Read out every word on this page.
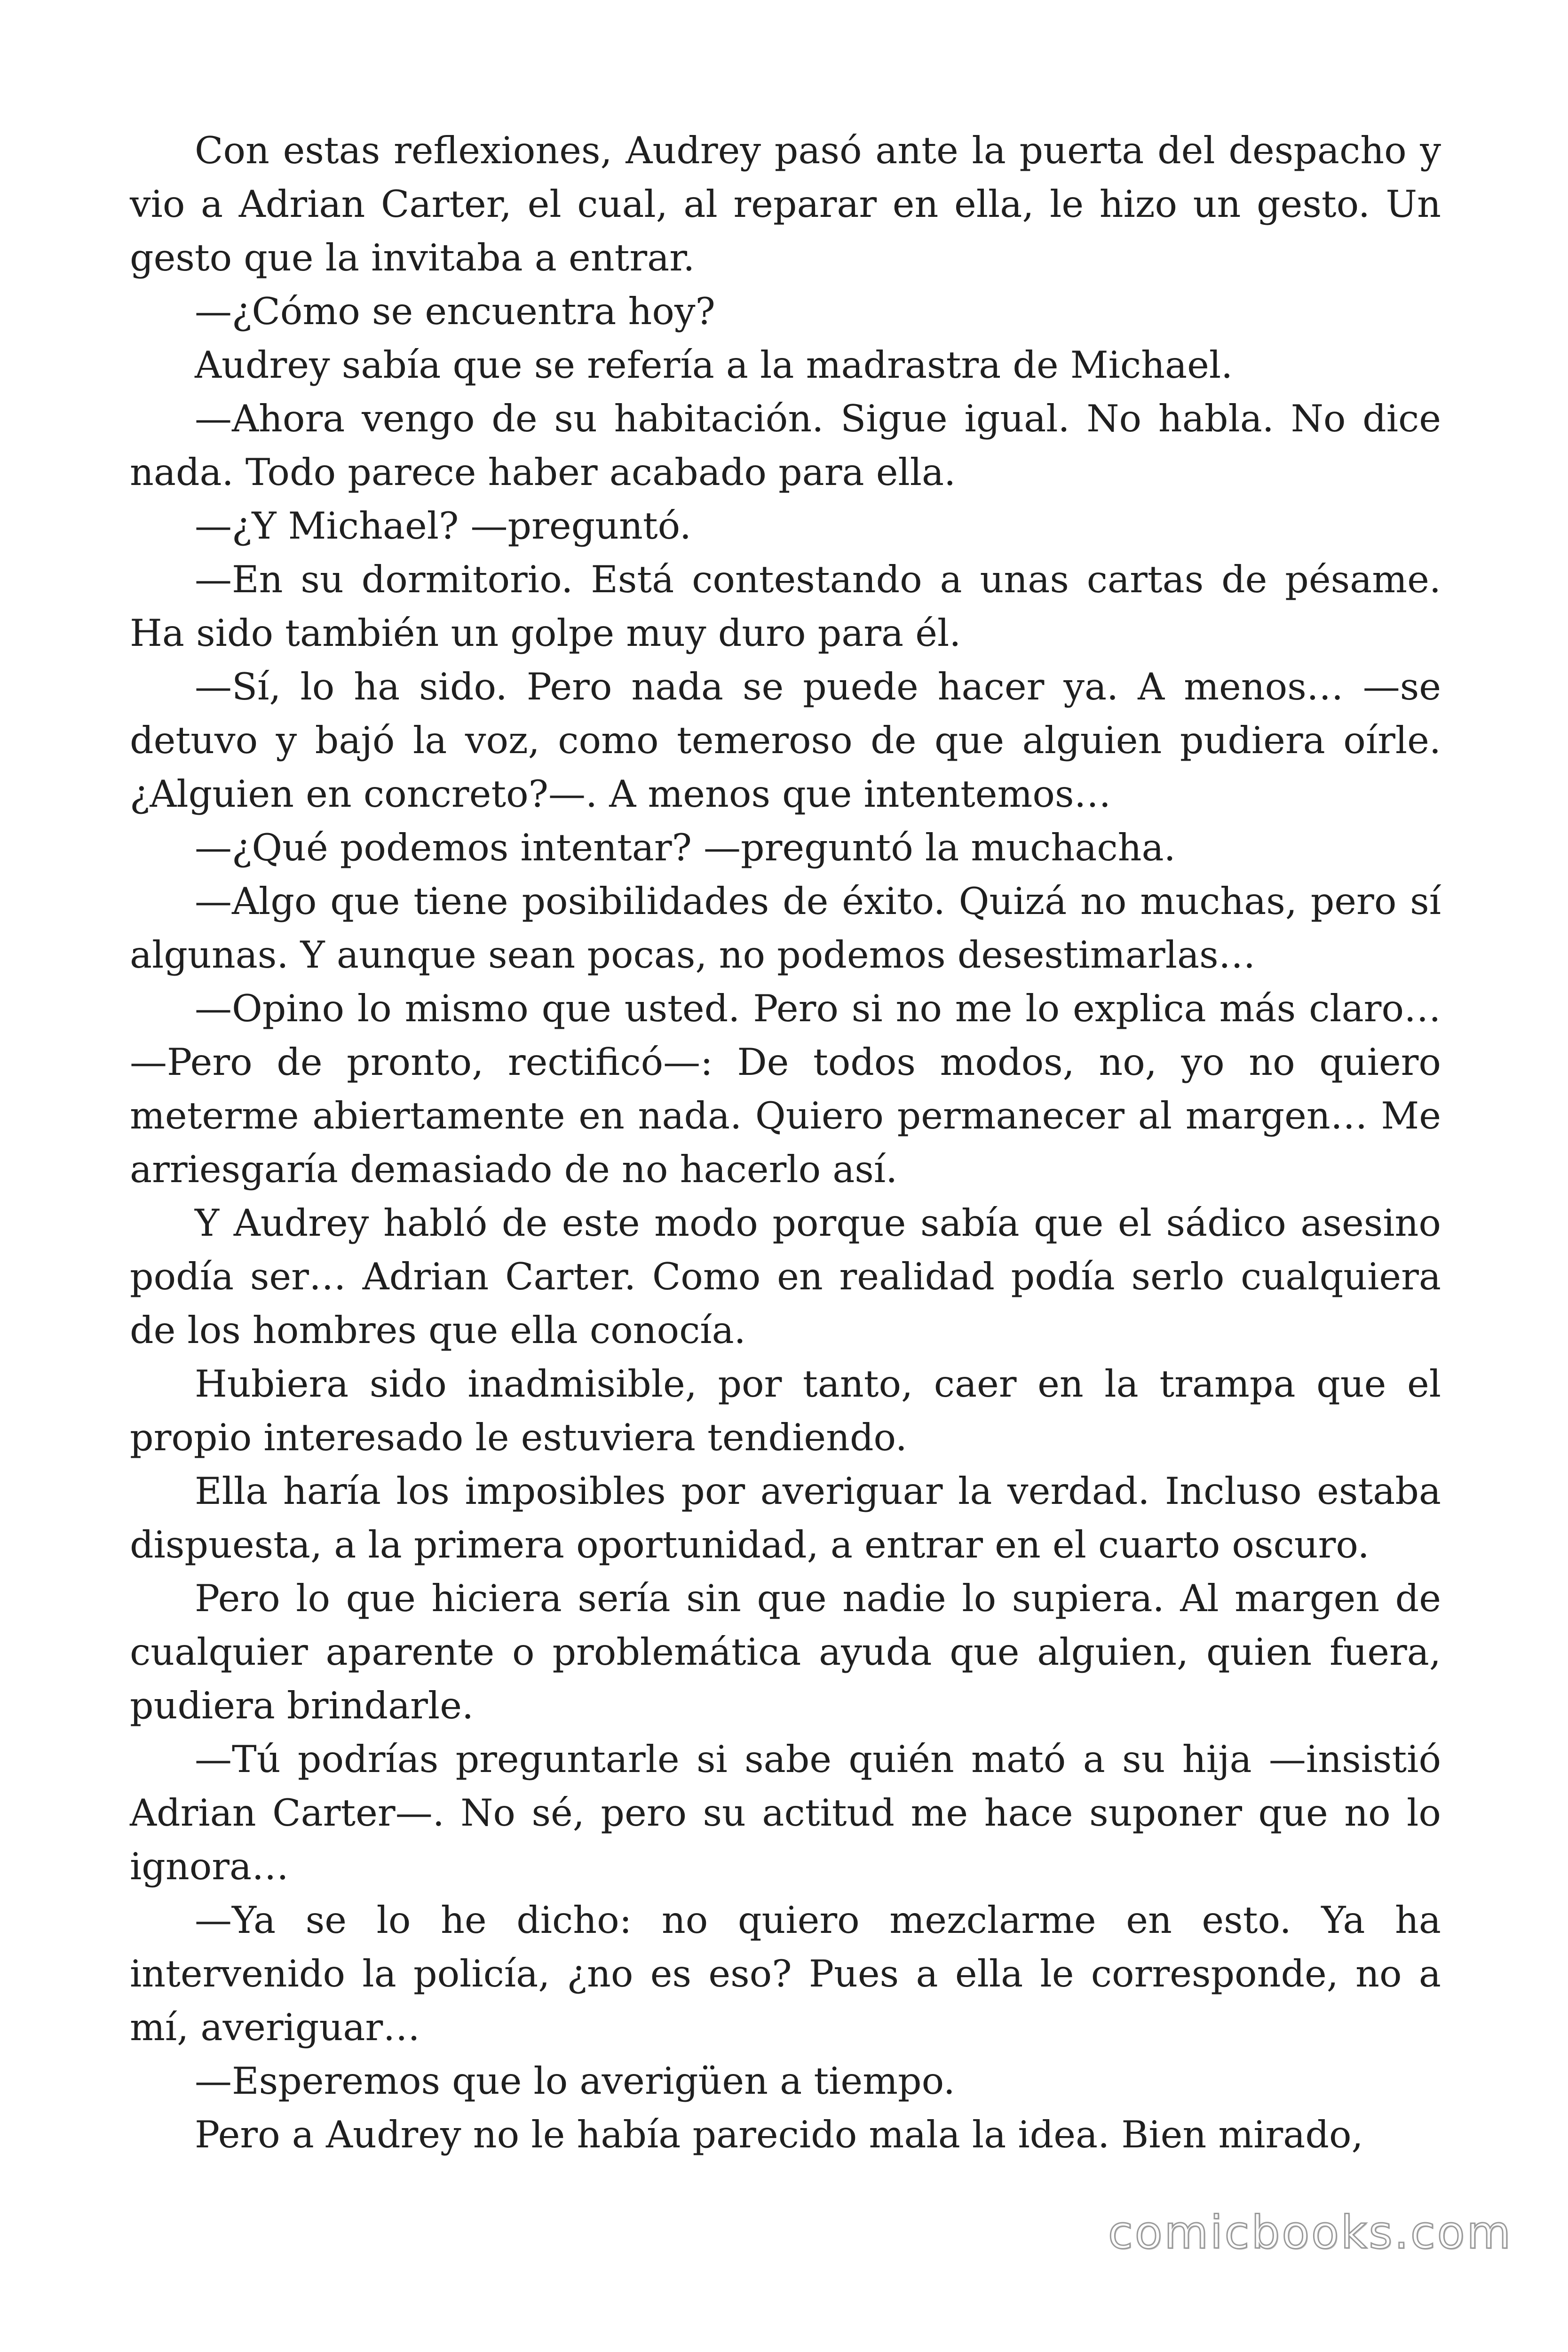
Con estas reflexiones, Audrey pasó ante la puerta del despacho y vio a Adrian Carter, el cual, al reparar en ella, le hizo un gesto. Un gesto que la invitaba a entrar.

—¿Cómo se encuentra hoy?

Audrey sabía que se refería a la madrastra de Michael.

—Ahora vengo de su habitación. Sigue igual. No habla. No dice nada. Todo parece haber acabado para ella.

—¿Y Michael? —preguntó.

—En su dormitorio. Está contestando a unas cartas de pésame. Ha sido también un golpe muy duro para él.

—Sí, lo ha sido. Pero nada se puede hacer ya. A menos… —se detuvo y bajó la voz, como temeroso de que alguien pudiera oírle. ¿Alguien en concreto?—. A menos que intentemos…

—¿Qué podemos intentar? —preguntó la muchacha.

—Algo que tiene posibilidades de éxito. Quizá no muchas, pero sí algunas. Y aunque sean pocas, no podemos desestimarlas…

—Opino lo mismo que usted. Pero si no me lo explica más claro… —Pero de pronto, rectificó—: De todos modos, no, yo no quiero meterme abiertamente en nada. Quiero permanecer al margen… Me arriesgaría demasiado de no hacerlo así.

Y Audrey habló de este modo porque sabía que el sádico asesino podía ser… Adrian Carter. Como en realidad podía serlo cualquiera de los hombres que ella conocía.

Hubiera sido inadmisible, por tanto, caer en la trampa que el propio interesado le estuviera tendiendo.

Ella haría los imposibles por averiguar la verdad. Incluso estaba dispuesta, a la primera oportunidad, a entrar en el cuarto oscuro.

Pero lo que hiciera sería sin que nadie lo supiera. Al margen de cualquier aparente o problemática ayuda que alguien, quien fuera, pudiera brindarle.

—Tú podrías preguntarle si sabe quién mató a su hija —insistió Adrian Carter—. No sé, pero su actitud me hace suponer que no lo ignora…

—Ya se lo he dicho: no quiero mezclarme en esto. Ya ha intervenido la policía, ¿no es eso? Pues a ella le corresponde, no a mí, averiguar…

—Esperemos que lo averigüen a tiempo.

Pero a Audrey no le había parecido mala la idea. Bien mirado,

comicbooks.com
